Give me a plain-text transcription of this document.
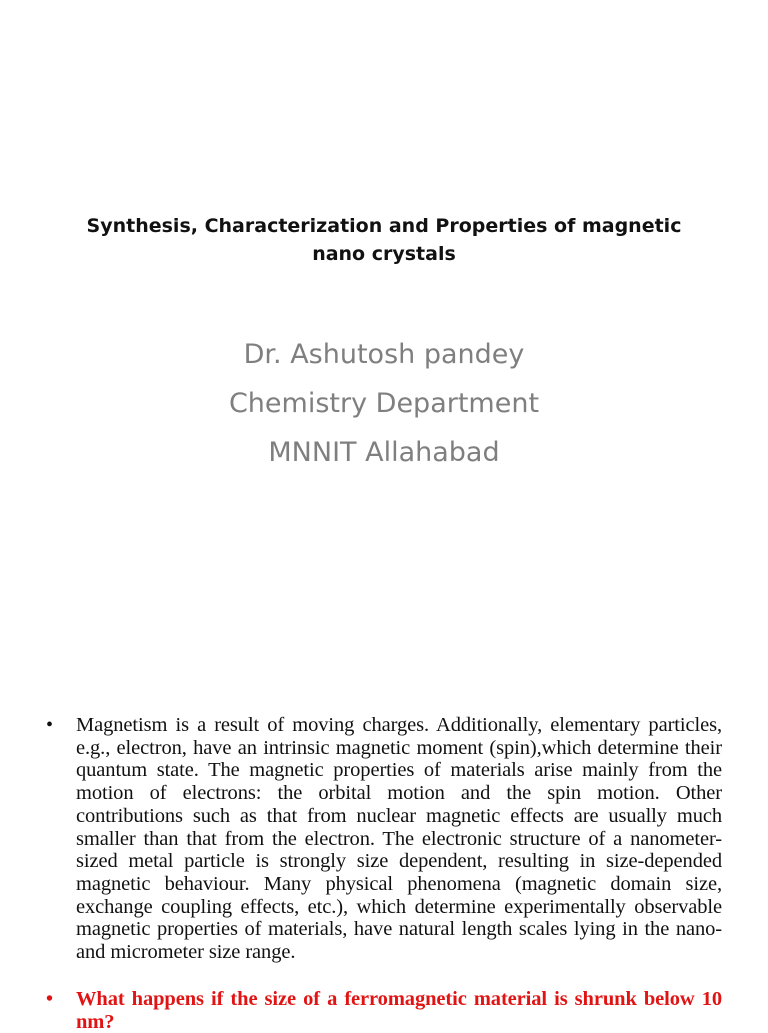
Synthesis, Characterization and Properties of magnetic nano crystals
Dr. Ashutosh pandey
Chemistry Department
MNNIT Allahabad
• Magnetism is a result of moving charges. Additionally, elementary particles, e.g., electron, have an intrinsic magnetic moment (spin),which determine their quantum state. The magnetic properties of materials arise mainly from the motion of electrons: the orbital motion and the spin motion. Other contributions such as that from nuclear magnetic effects are usually much smaller than that from the electron. The electronic structure of a nanometer-sized metal particle is strongly size dependent, resulting in size-depended magnetic behaviour. Many physical phenomena (magnetic domain size, exchange coupling effects, etc.), which determine experimentally observable magnetic properties of materials, have natural length scales lying in the nano- and micrometer size range.
• What happens if the size of a ferromagnetic material is shrunk below 10 nm?
